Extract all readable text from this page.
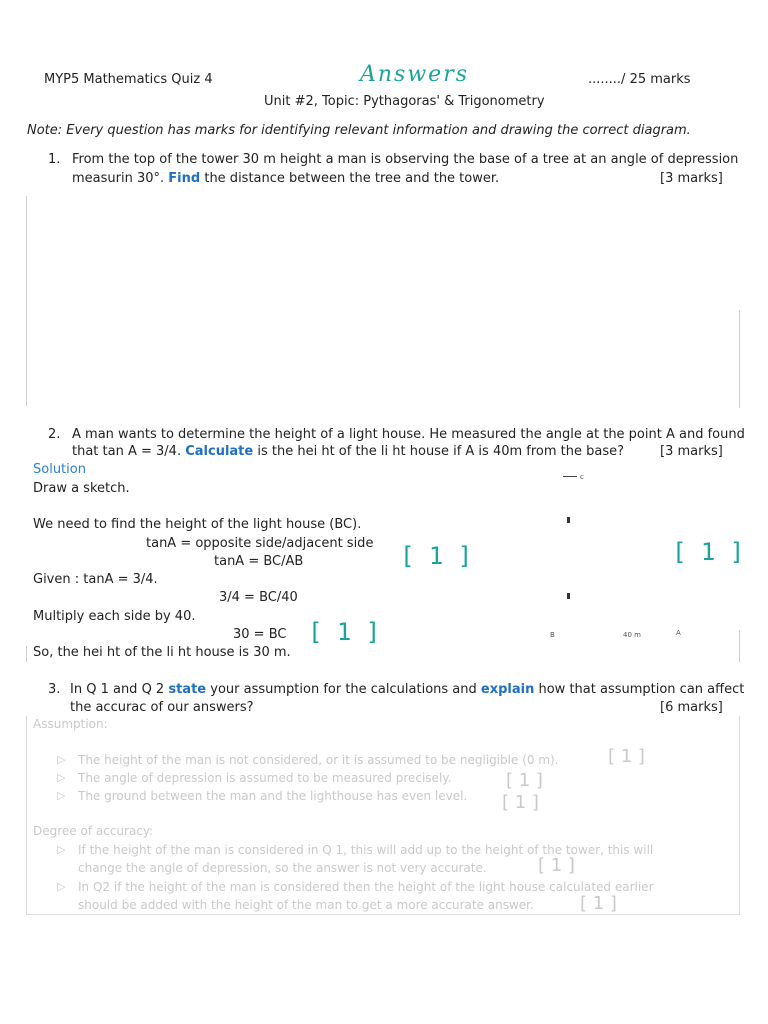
MYP5 Mathematics Quiz 4	Answers	......../ 25 marks
Unit #2, Topic: Pythagoras' & Trigonometry
Note: Every question has marks for identifying relevant information and drawing the correct diagram.
1. From the top of the tower 30 m height a man is observing the base of a tree at an angle of depression
measurin 30°. Find the distance between the tree and the tower.	[3 marks]
2. A man wants to determine the height of a light house. He measured the angle at the point A and found
that tan A = 3/4. Calculate is the hei ht of the li ht house if A is 40m from the base?	[3 marks]
Solution
Draw a sketch.
We need to find the height of the light house (BC).
tanA = opposite side/adjacent side
tanA = BC/AB
Given : tanA = 3/4.
3/4 = BC/40
Multiply each side by 40.
30 = BC
So, the hei ht of the li ht house is 30 m.
[ 1 ]	[ 1 ]
[ 1 ]
c
B	40 m	A
3. In Q 1 and Q 2 state your assumption for the calculations and explain how that assumption can affect
the accurac of our answers?	[6 marks]
Assumption:
▷ The height of the man is not considered, or it is assumed to be negligible (0 m).
▷ The angle of depression is assumed to be measured precisely.
▷ The ground between the man and the lighthouse has even level.
[ 1 ]
[ 1 ]
[ 1 ]
Degree of accuracy:
▷ If the height of the man is considered in Q 1, this will add up to the height of the tower, this will
change the angle of depression, so the answer is not very accurate.
▷ In Q2 if the height of the man is considered then the height of the light house calculated earlier
should be added with the height of the man to get a more accurate answer.
[ 1 ]
[ 1 ]
